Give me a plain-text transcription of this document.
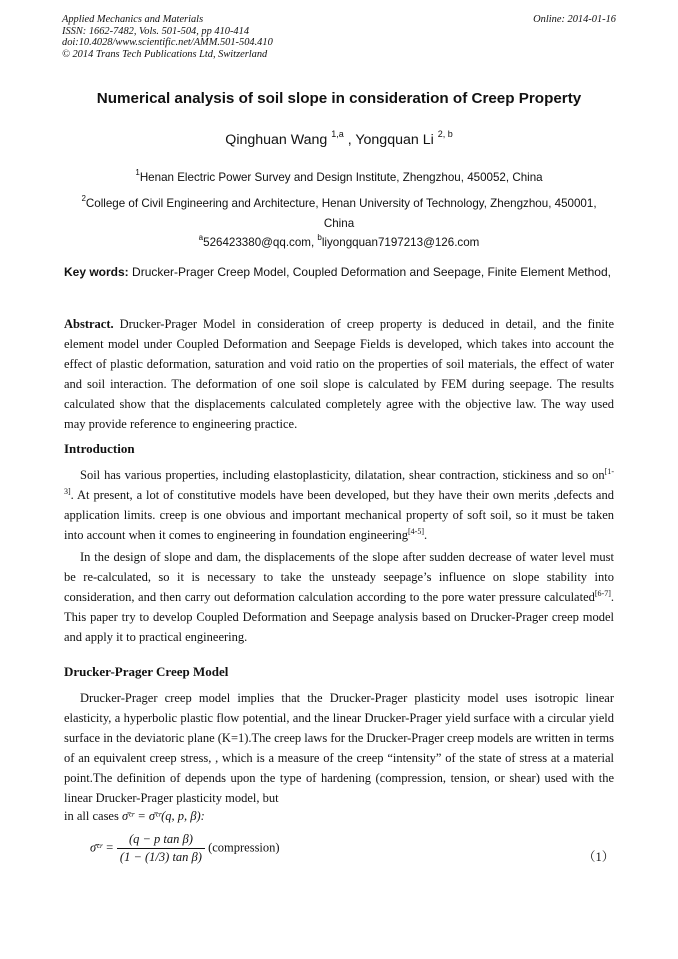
Applied Mechanics and Materials
ISSN: 1662-7482, Vols. 501-504, pp 410-414
doi:10.4028/www.scientific.net/AMM.501-504.410
© 2014 Trans Tech Publications Ltd, Switzerland
Online: 2014-01-16
Numerical analysis of soil slope in consideration of Creep Property
Qinghuan Wang $^{1,a}$ , Yongquan Li $^{2, b}$
$^1$Henan Electric Power Survey and Design Institute, Zhengzhou, 450052, China
$^2$College of Civil Engineering and Architecture, Henan University of Technology, Zhengzhou, 450001, China
$^a$526423380@qq.com, $^b$liyongquan7197213@126.com
Key words: Drucker-Prager Creep Model, Coupled Deformation and Seepage, Finite Element Method,
Abstract. Drucker-Prager Model in consideration of creep property is deduced in detail, and the finite element model under Coupled Deformation and Seepage Fields is developed, which takes into account the effect of plastic deformation, saturation and void ratio on the properties of soil materials, the effect of water and soil interaction. The deformation of one soil slope is calculated by FEM during seepage. The results calculated show that the displacements calculated completely agree with the objective law. The way used may provide reference to engineering practice.
Introduction
Soil has various properties, including elastoplasticity, dilatation, shear contraction, stickiness and so on[1-3]. At present, a lot of constitutive models have been developed, but they have their own merits ,defects and application limits. creep is one obvious and important mechanical property of soft soil, so it must be taken into account when it comes to engineering in foundation engineering[4-5].
In the design of slope and dam, the displacements of the slope after sudden decrease of water level must be re-calculated, so it is necessary to take the unsteady seepage’s influence on slope stability into consideration, and then carry out deformation calculation according to the pore water pressure calculated[6-7]. This paper try to develop Coupled Deformation and Seepage analysis based on Drucker-Prager creep model and apply it to practical engineering.
Drucker-Prager Creep Model
Drucker-Prager creep model implies that the Drucker-Prager plasticity model uses isotropic linear elasticity, a hyperbolic plastic flow potential, and the linear Drucker-Prager yield surface with a circular yield surface in the deviatoric plane (K=1).The creep laws for the Drucker-Prager creep models are written in terms of an equivalent creep stress, , which is a measure of the creep “intensity” of the state of stress at a material point.The definition of depends upon the type of hardening (compression, tension, or shear) used with the linear Drucker-Prager plasticity model, but
in all cases σ̄ᶜʳ = σ̄ᶜʳ(q, p, β):
σ̄ᶜʳ = $\frac{\text{(q − p tan β)}}{\text{(1 − (1/3) tan β)}}$ (compression)
（1）
